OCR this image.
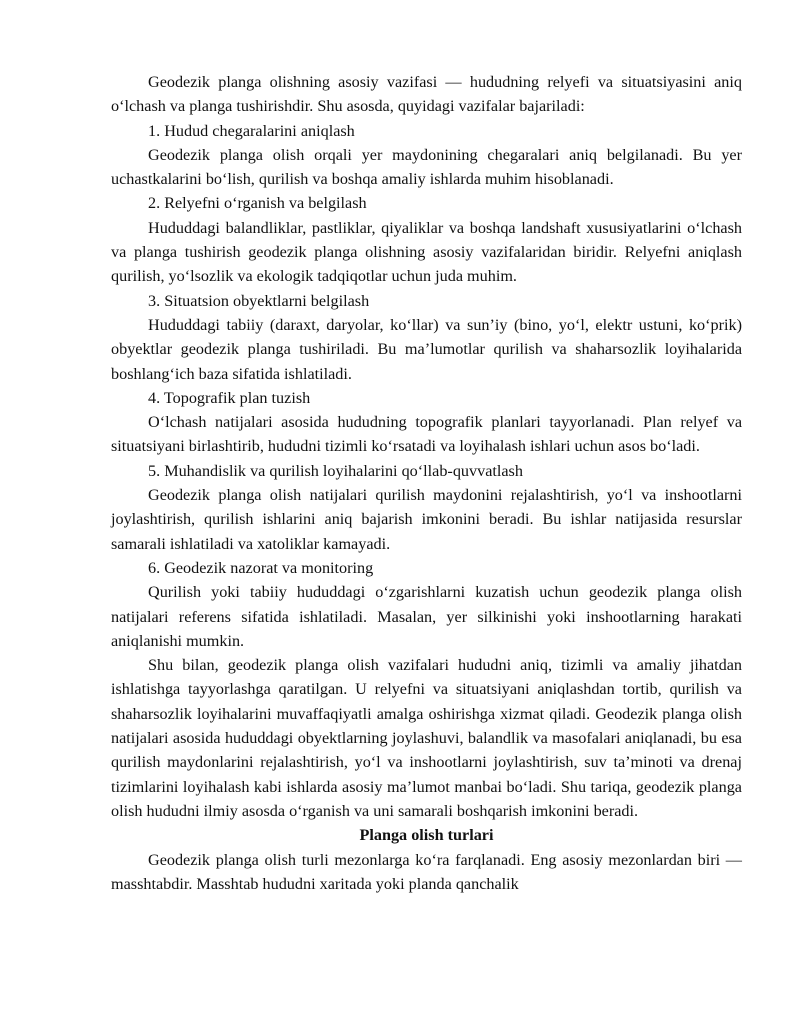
Geodezik planga olishning asosiy vazifasi — hududning relyefi va situatsiyasini aniq o‘lchash va planga tushirishdir. Shu asosda, quyidagi vazifalar bajariladi:

1. Hudud chegaralarini aniqlash

Geodezik planga olish orqali yer maydonining chegaralari aniq belgilanadi. Bu yer uchastkalarini bo‘lish, qurilish va boshqa amaliy ishlarda muhim hisoblanadi.

2. Relyefni o‘rganish va belgilash

Hududdagi balandliklar, pastliklar, qiyaliklar va boshqa landshaft xususiyatlarini o‘lchash va planga tushirish geodezik planga olishning asosiy vazifalaridan biridir. Relyefni aniqlash qurilish, yo‘lsozlik va ekologik tadqiqotlar uchun juda muhim.

3. Situatsion obyektlarni belgilash

Hududdagi tabiiy (daraxt, daryolar, ko‘llar) va sun’iy (bino, yo‘l, elektr ustuni, ko‘prik) obyektlar geodezik planga tushiriladi. Bu ma’lumotlar qurilish va shaharsozlik loyihalarida boshlang‘ich baza sifatida ishlatiladi.

4. Topografik plan tuzish

O‘lchash natijalari asosida hududning topografik planlari tayyorlanadi. Plan relyef va situatsiyani birlashtirib, hududni tizimli ko‘rsatadi va loyihalash ishlari uchun asos bo‘ladi.

5. Muhandislik va qurilish loyihalarini qo‘llab-quvvatlash

Geodezik planga olish natijalari qurilish maydonini rejalashtirish, yo‘l va inshootlarni joylashtirish, qurilish ishlarini aniq bajarish imkonini beradi. Bu ishlar natijasida resurslar samarali ishlatiladi va xatoliklar kamayadi.

6. Geodezik nazorat va monitoring

Qurilish yoki tabiiy hududdagi o‘zgarishlarni kuzatish uchun geodezik planga olish natijalari referens sifatida ishlatiladi. Masalan, yer silkinishi yoki inshootlarning harakati aniqlanishi mumkin.

Shu bilan, geodezik planga olish vazifalari hududni aniq, tizimli va amaliy jihatdan ishlatishga tayyorlashga qaratilgan. U relyefni va situatsiyani aniqlashdan tortib, qurilish va shaharsozlik loyihalarini muvaffaqiyatli amalga oshirishga xizmat qiladi. Geodezik planga olish natijalari asosida hududdagi obyektlarning joylashuvi, balandlik va masofalari aniqlanadi, bu esa qurilish maydonlarini rejalashtirish, yo‘l va inshootlarni joylashtirish, suv ta’minoti va drenaj tizimlarini loyihalash kabi ishlarda asosiy ma’lumot manbai bo‘ladi. Shu tariqa, geodezik planga olish hududni ilmiy asosda o‘rganish va uni samarali boshqarish imkonini beradi.

Planga olish turlari

Geodezik planga olish turli mezonlarga ko‘ra farqlanadi. Eng asosiy mezonlardan biri — masshtabdir. Masshtab hududni xaritada yoki planda qanchalik
